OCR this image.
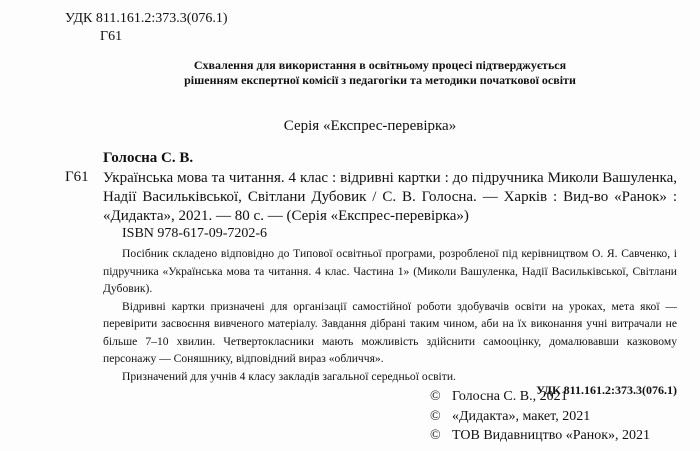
УДК 811.161.2:373.3(076.1)
Г61
Схвалення для використання в освітньому процесі підтверджується
рішенням експертної комісії з педагогіки та методики початкової освіти
Серія «Експрес-перевірка»
Голосна С. В.
Г61 Українська мова та читання. 4 клас : відривні картки : до підручника Миколи Вашуленка, Надії Васильківської, Світлани Дубовик / С. В. Голосна. — Харків : Вид-во «Ранок» : «Дидакта», 2021. — 80 с. — (Серія «Експрес-перевірка»)
ISBN 978-617-09-7202-6

Посібник складено відповідно до Типової освітньої програми, розробленої під керівництвом О. Я. Савченко, і підручника «Українська мова та читання. 4 клас. Частина 1» (Миколи Вашуленка, Надії Васильківської, Світлани Дубовик).

Відривні картки призначені для організації самостійної роботи здобувачів освіти на уроках, мета якої — перевірити засвоєння вивченого матеріалу. Завдання дібрані таким чином, аби на їх виконання учні витрачали не більше 7–10 хвилин. Четвертокласники мають можливість здійснити самооцінку, домалювавши казковому персонажу — Соняшнику, відповідний вираз «обличчя».

Призначений для учнів 4 класу закладів загальної середньої освіти.

УДК 811.161.2:373.3(076.1)
© Голосна С. В., 2021
© «Дидакта», макет, 2021
© ТОВ Видавництво «Ранок», 2021
